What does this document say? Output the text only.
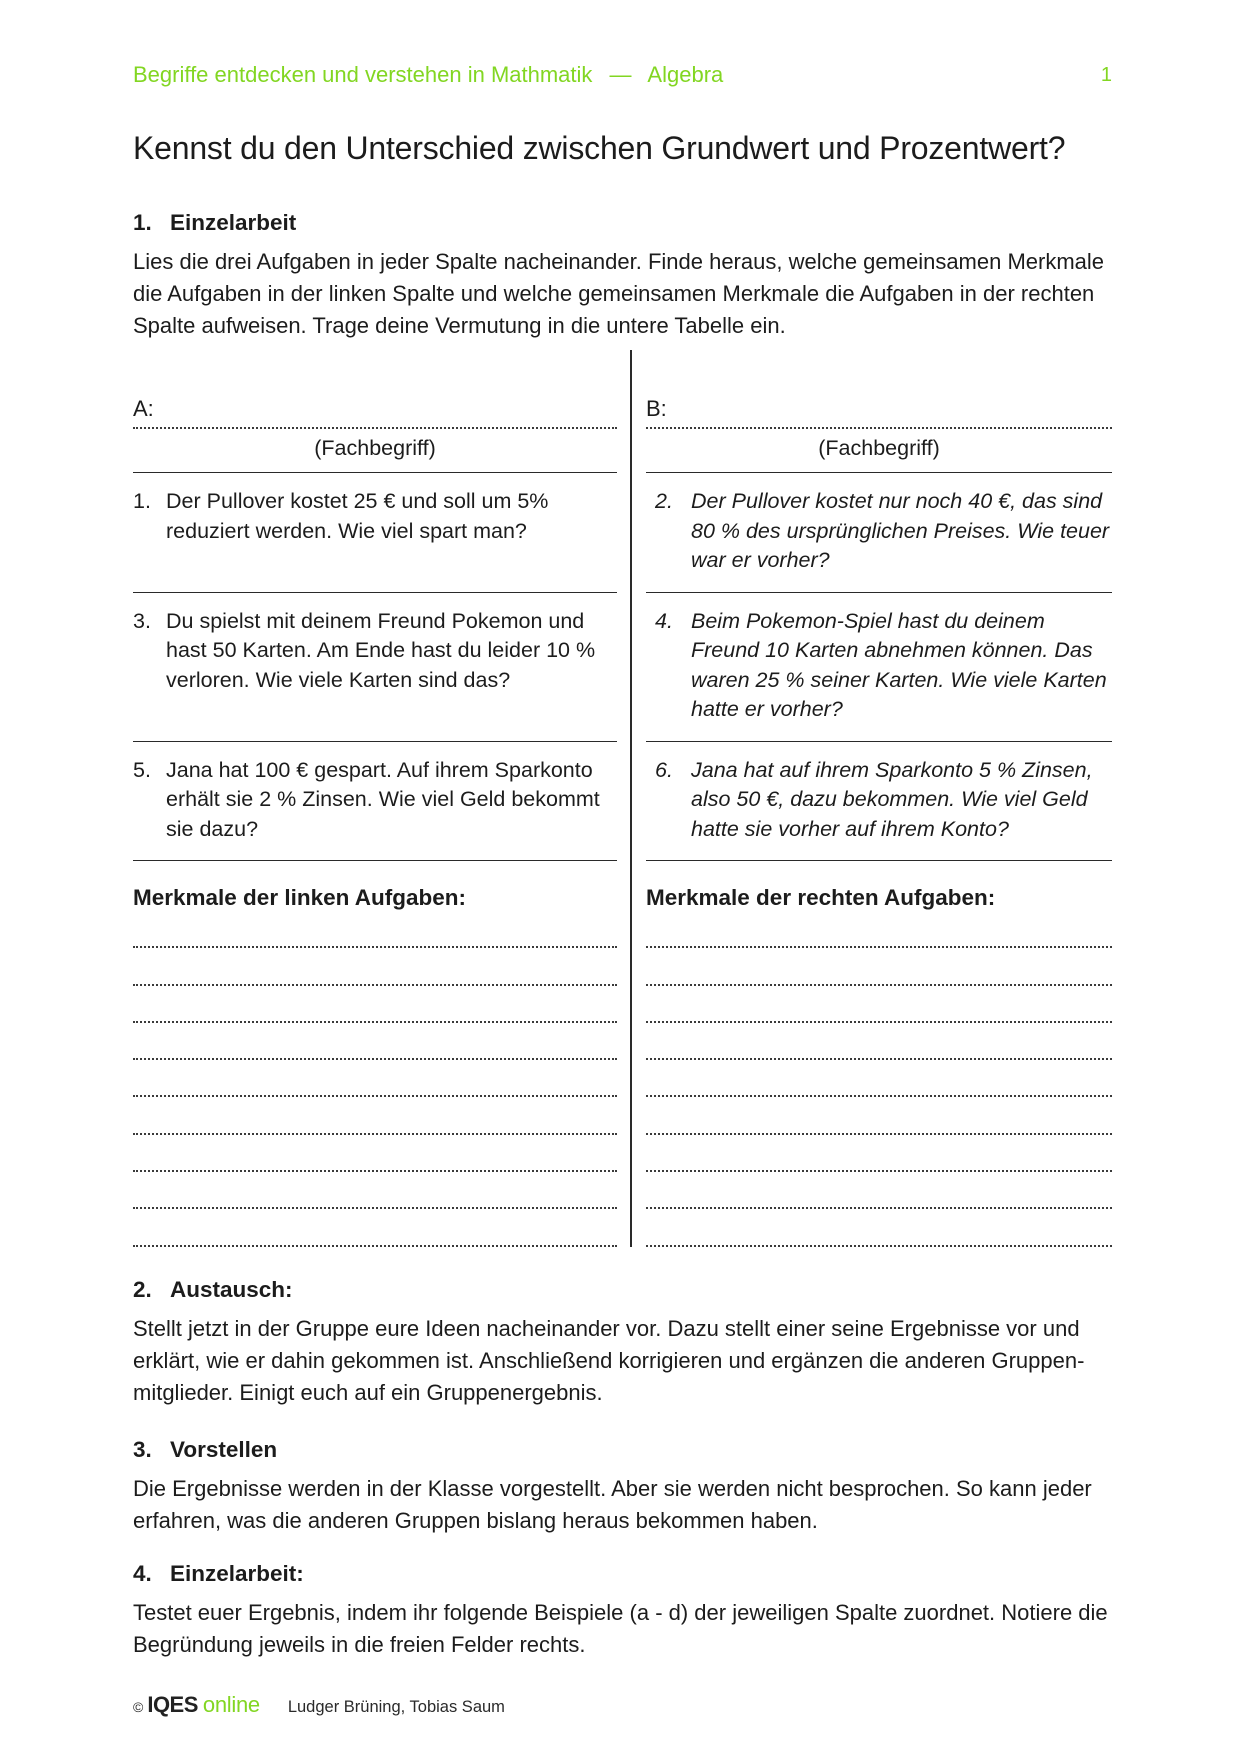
Begriffe entdecken und verstehen in Mathmatik  —  Algebra	1
Kennst du den Unterschied zwischen Grundwert und Prozentwert?
1. Einzelarbeit

Lies die drei Aufgaben in jeder Spalte nacheinander. Finde heraus, welche gemeinsamen Merkmale die Aufgaben in der linken Spalte und welche gemeinsamen Merkmale die Aufgaben in der rechten Spalte aufweisen. Trage deine Vermutung in die untere Tabelle ein.

A:
(Fachbegriff)
B:
(Fachbegriff)
1. Der Pullover kostet 25 € und soll um 5% reduziert werden. Wie viel spart man?
2. Der Pullover kostet nur noch 40 €, das sind 80 % des ursprünglichen Preises. Wie teuer war er vorher?
3. Du spielst mit deinem Freund Pokemon und hast 50 Karten. Am Ende hast du leider 10 % verloren. Wie viele Karten sind das?
4. Beim Pokemon-Spiel hast du deinem Freund 10 Karten abnehmen können. Das waren 25 % seiner Karten. Wie viele Karten hatte er vorher?
5. Jana hat 100 € gespart. Auf ihrem Sparkonto erhält sie 2 % Zinsen. Wie viel Geld bekommt sie dazu?
6. Jana hat auf ihrem Sparkonto 5 % Zinsen, also 50 €, dazu bekommen. Wie viel Geld hatte sie vorher auf ihrem Konto?
Merkmale der linken Aufgaben:	Merkmale der rechten Aufgaben:
2. Austausch:

Stellt jetzt in der Gruppe eure Ideen nacheinander vor. Dazu stellt einer seine Ergebnisse vor und erklärt, wie er dahin gekommen ist. Anschließend korrigieren und ergänzen die anderen Gruppenmitglieder. Einigt euch auf ein Gruppenergebnis.

3. Vorstellen

Die Ergebnisse werden in der Klasse vorgestellt. Aber sie werden nicht besprochen. So kann jeder erfahren, was die anderen Gruppen bislang heraus bekommen haben.

4. Einzelarbeit:

Testet euer Ergebnis, indem ihr folgende Beispiele (a - d) der jeweiligen Spalte zuordnet. Notiere die Begründung jeweils in die freien Felder rechts.

© IQES online Ludger Brüning, Tobias Saum
